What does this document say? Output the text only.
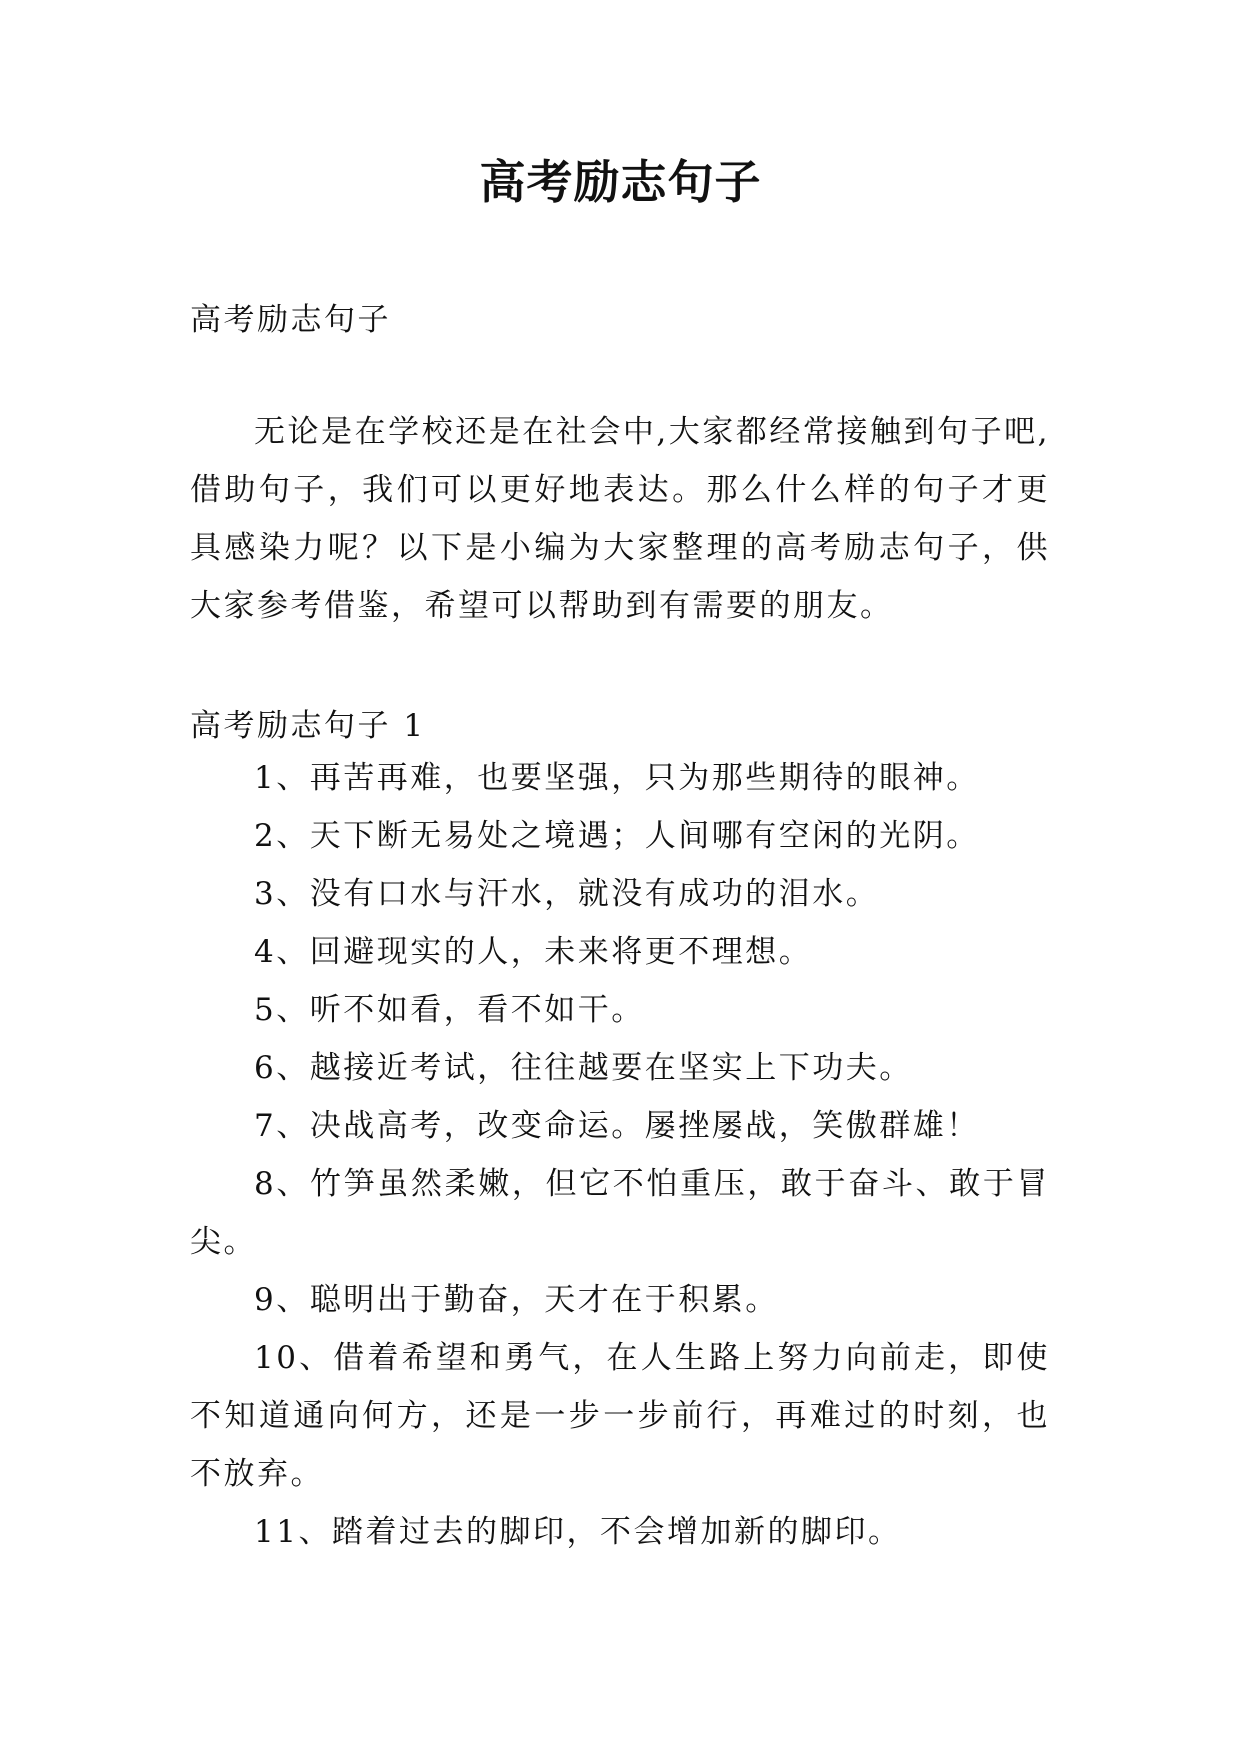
高考励志句子

高考励志句子

无论是在学校还是在社会中,大家都经常接触到句子吧,借助句子，我们可以更好地表达。那么什么样的句子才更具感染力呢？以下是小编为大家整理的高考励志句子，供大家参考借鉴，希望可以帮助到有需要的朋友。

高考励志句子 1

1、再苦再难，也要坚强，只为那些期待的眼神。
2、天下断无易处之境遇；人间哪有空闲的光阴。
3、没有口水与汗水，就没有成功的泪水。
4、回避现实的人，未来将更不理想。
5、听不如看，看不如干。
6、越接近考试，往往越要在坚实上下功夫。
7、决战高考，改变命运。屡挫屡战，笑傲群雄！
8、竹笋虽然柔嫩，但它不怕重压，敢于奋斗、敢于冒尖。
9、聪明出于勤奋，天才在于积累。
10、借着希望和勇气，在人生路上努力向前走，即使不知道通向何方，还是一步一步前行，再难过的时刻，也不放弃。
11、踏着过去的脚印，不会增加新的脚印。
